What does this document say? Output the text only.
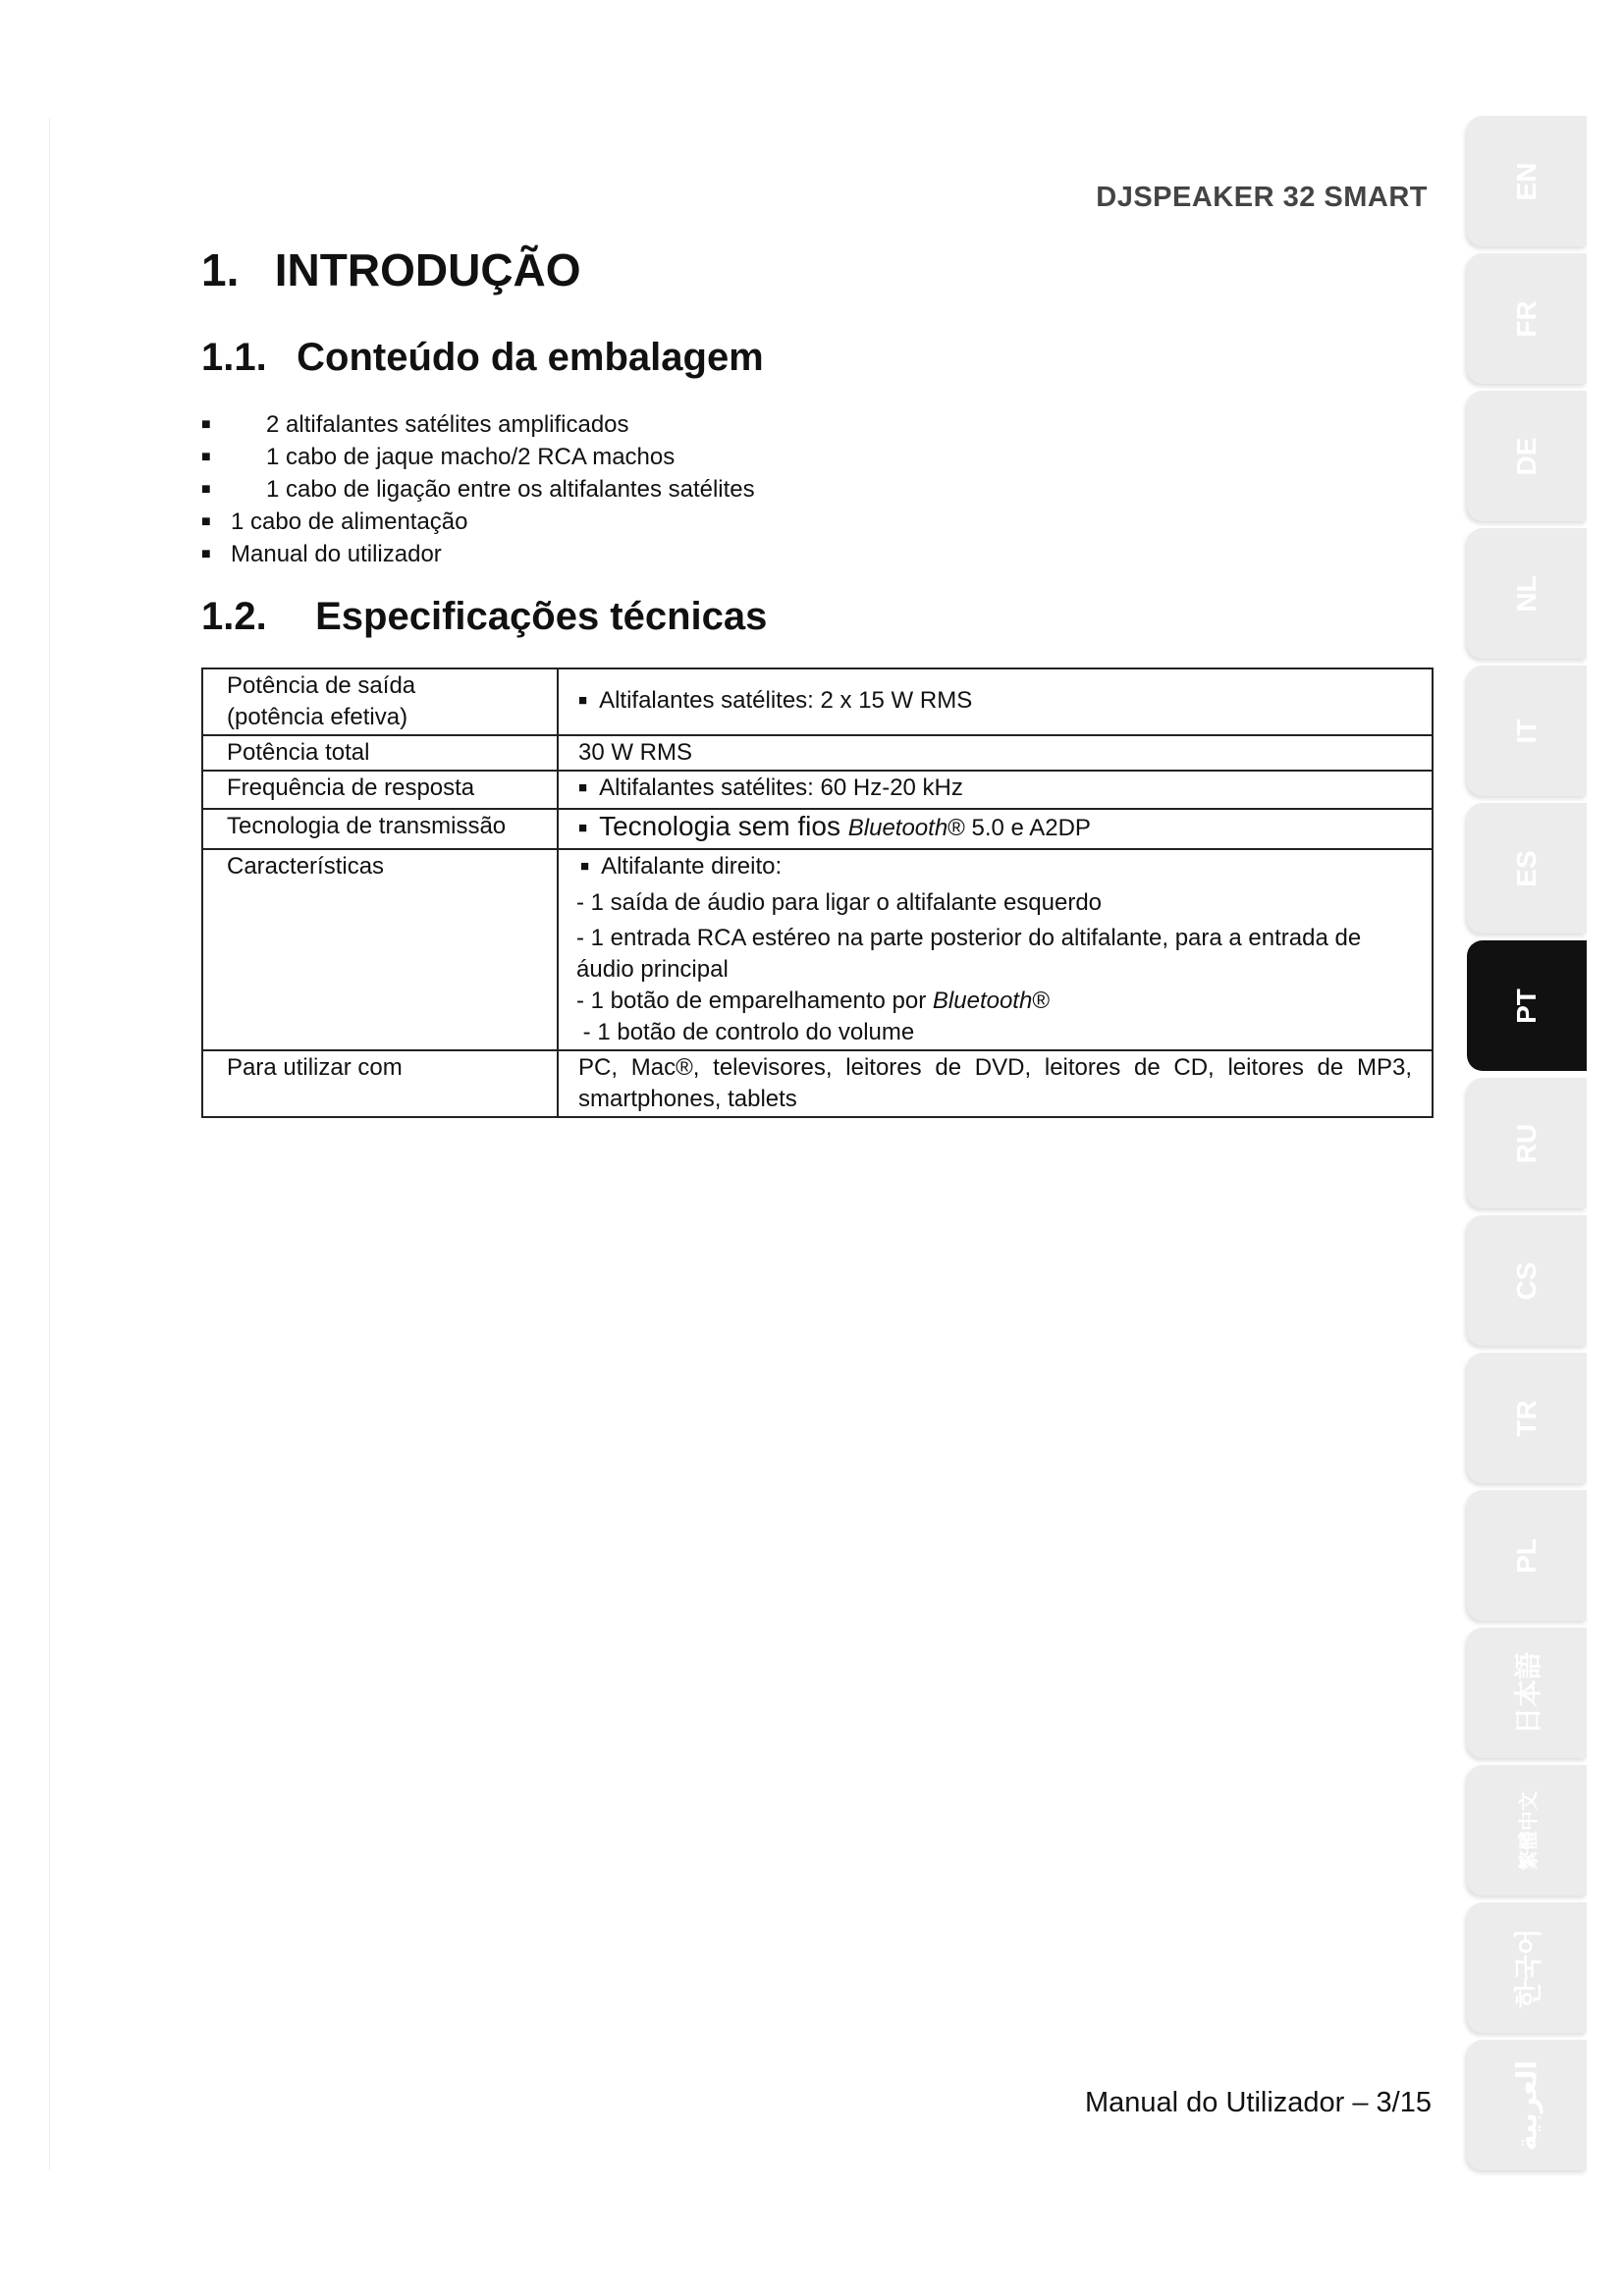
DJSPEAKER 32 SMART
1. INTRODUÇÃO
1.1. Conteúdo da embalagem
■ 2 altifalantes satélites amplificados
■ 1 cabo de jaque macho/2 RCA machos
■ 1 cabo de ligação entre os altifalantes satélites
■ 1 cabo de alimentação
■ Manual do utilizador
1.2. Especificações técnicas
Potência de saída
(potência efetiva)	■ Altifalantes satélites: 2 x 15 W RMS
Potência total	30 W RMS
Frequência de resposta	■ Altifalantes satélites: 60 Hz-20 kHz
Tecnologia de transmissão	■ Tecnologia sem fios Bluetooth® 5.0 e A2DP
Características	■ Altifalante direito:
- 1 saída de áudio para ligar o altifalante esquerdo
- 1 entrada RCA estéreo na parte posterior do altifalante, para a entrada de áudio principal
- 1 botão de emparelhamento por Bluetooth®
- 1 botão de controlo do volume

Para utilizar com	PC, Mac®, televisores, leitores de DVD, leitores de CD, leitores de MP3, smartphones, tablets
Manual do Utilizador – 3/15
EN
FR
DE
NL
IT
ES
PT
RU
CS
TR
PL
日本語
繁體中文
한국어
العربية
